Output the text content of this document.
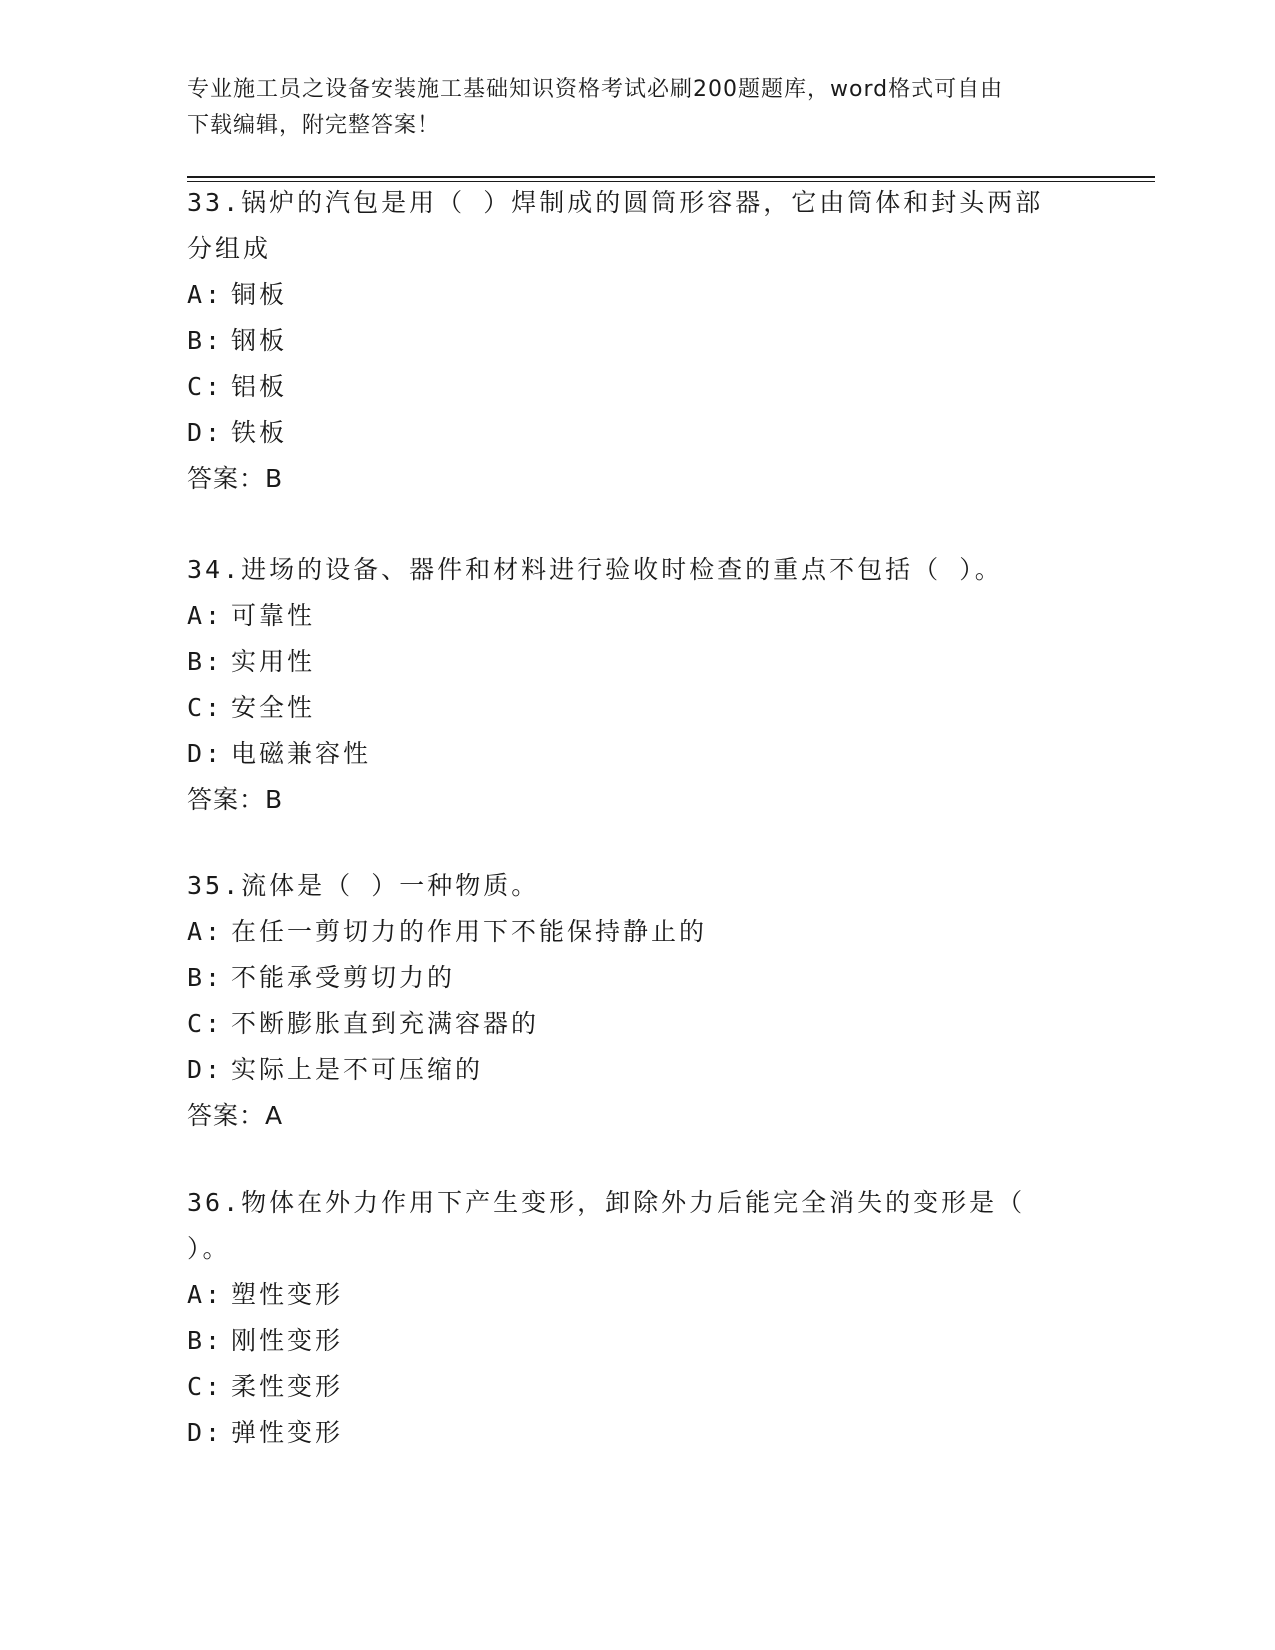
专业施工员之设备安装施工基础知识资格考试必刷200题题库，word格式可自由
下载编辑，附完整答案！
33.锅炉的汽包是用（ ）焊制成的圆筒形容器，它由筒体和封头两部
分组成
A: 铜板
B: 钢板
C: 铝板
D: 铁板
答案：B
34.进场的设备、器件和材料进行验收时检查的重点不包括（ ）。
A: 可靠性
B: 实用性
C: 安全性
D: 电磁兼容性
答案：B
35.流体是（ ）一种物质。
A: 在任一剪切力的作用下不能保持静止的
B: 不能承受剪切力的
C: 不断膨胀直到充满容器的
D: 实际上是不可压缩的
答案：A
36.物体在外力作用下产生变形，卸除外力后能完全消失的变形是（
）。
A: 塑性变形
B: 刚性变形
C: 柔性变形
D: 弹性变形
